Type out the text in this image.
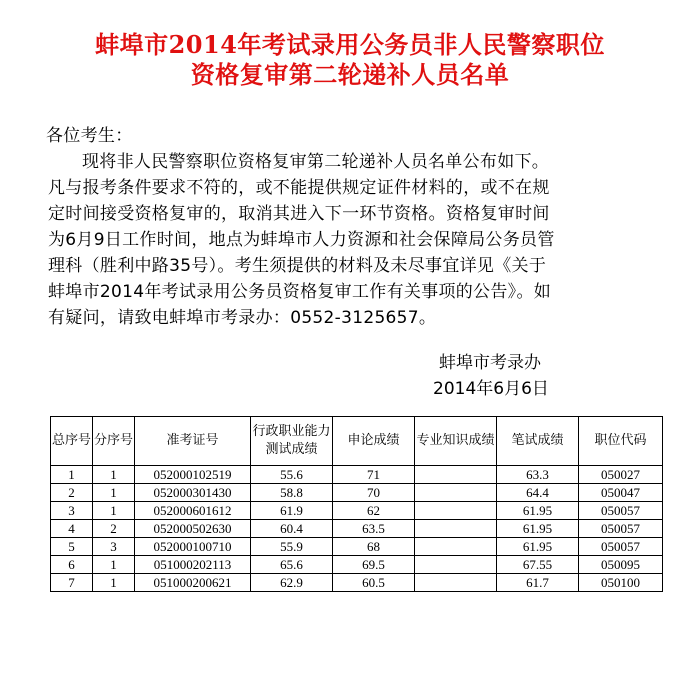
蚌埠市2014年考试录用公务员非人民警察职位
资格复审第二轮递补人员名单
各位考生：
现将非人民警察职位资格复审第二轮递补人员名单公布如下。
凡与报考条件要求不符的，或不能提供规定证件材料的，或不在规
定时间接受资格复审的，取消其进入下一环节资格。资格复审时间
为6月9日工作时间，地点为蚌埠市人力资源和社会保障局公务员管
理科（胜利中路35号）。考生须提供的材料及未尽事宜详见《关于
蚌埠市2014年考试录用公务员资格复审工作有关事项的公告》。如
有疑问，请致电蚌埠市考录办：0552-3125657。
蚌埠市考录办
2014年6月6日
总序号	分序号	准考证号	行政职业能力测试成绩	申论成绩	专业知识成绩	笔试成绩	职位代码
1	1	052000102519	55.6	71		63.3	050027
2	1	052000301430	58.8	70		64.4	050047
3	1	052000601612	61.9	62		61.95	050057
4	2	052000502630	60.4	63.5		61.95	050057
5	3	052000100710	55.9	68		61.95	050057
6	1	051000202113	65.6	69.5		67.55	050095
7	1	051000200621	62.9	60.5		61.7	050100
